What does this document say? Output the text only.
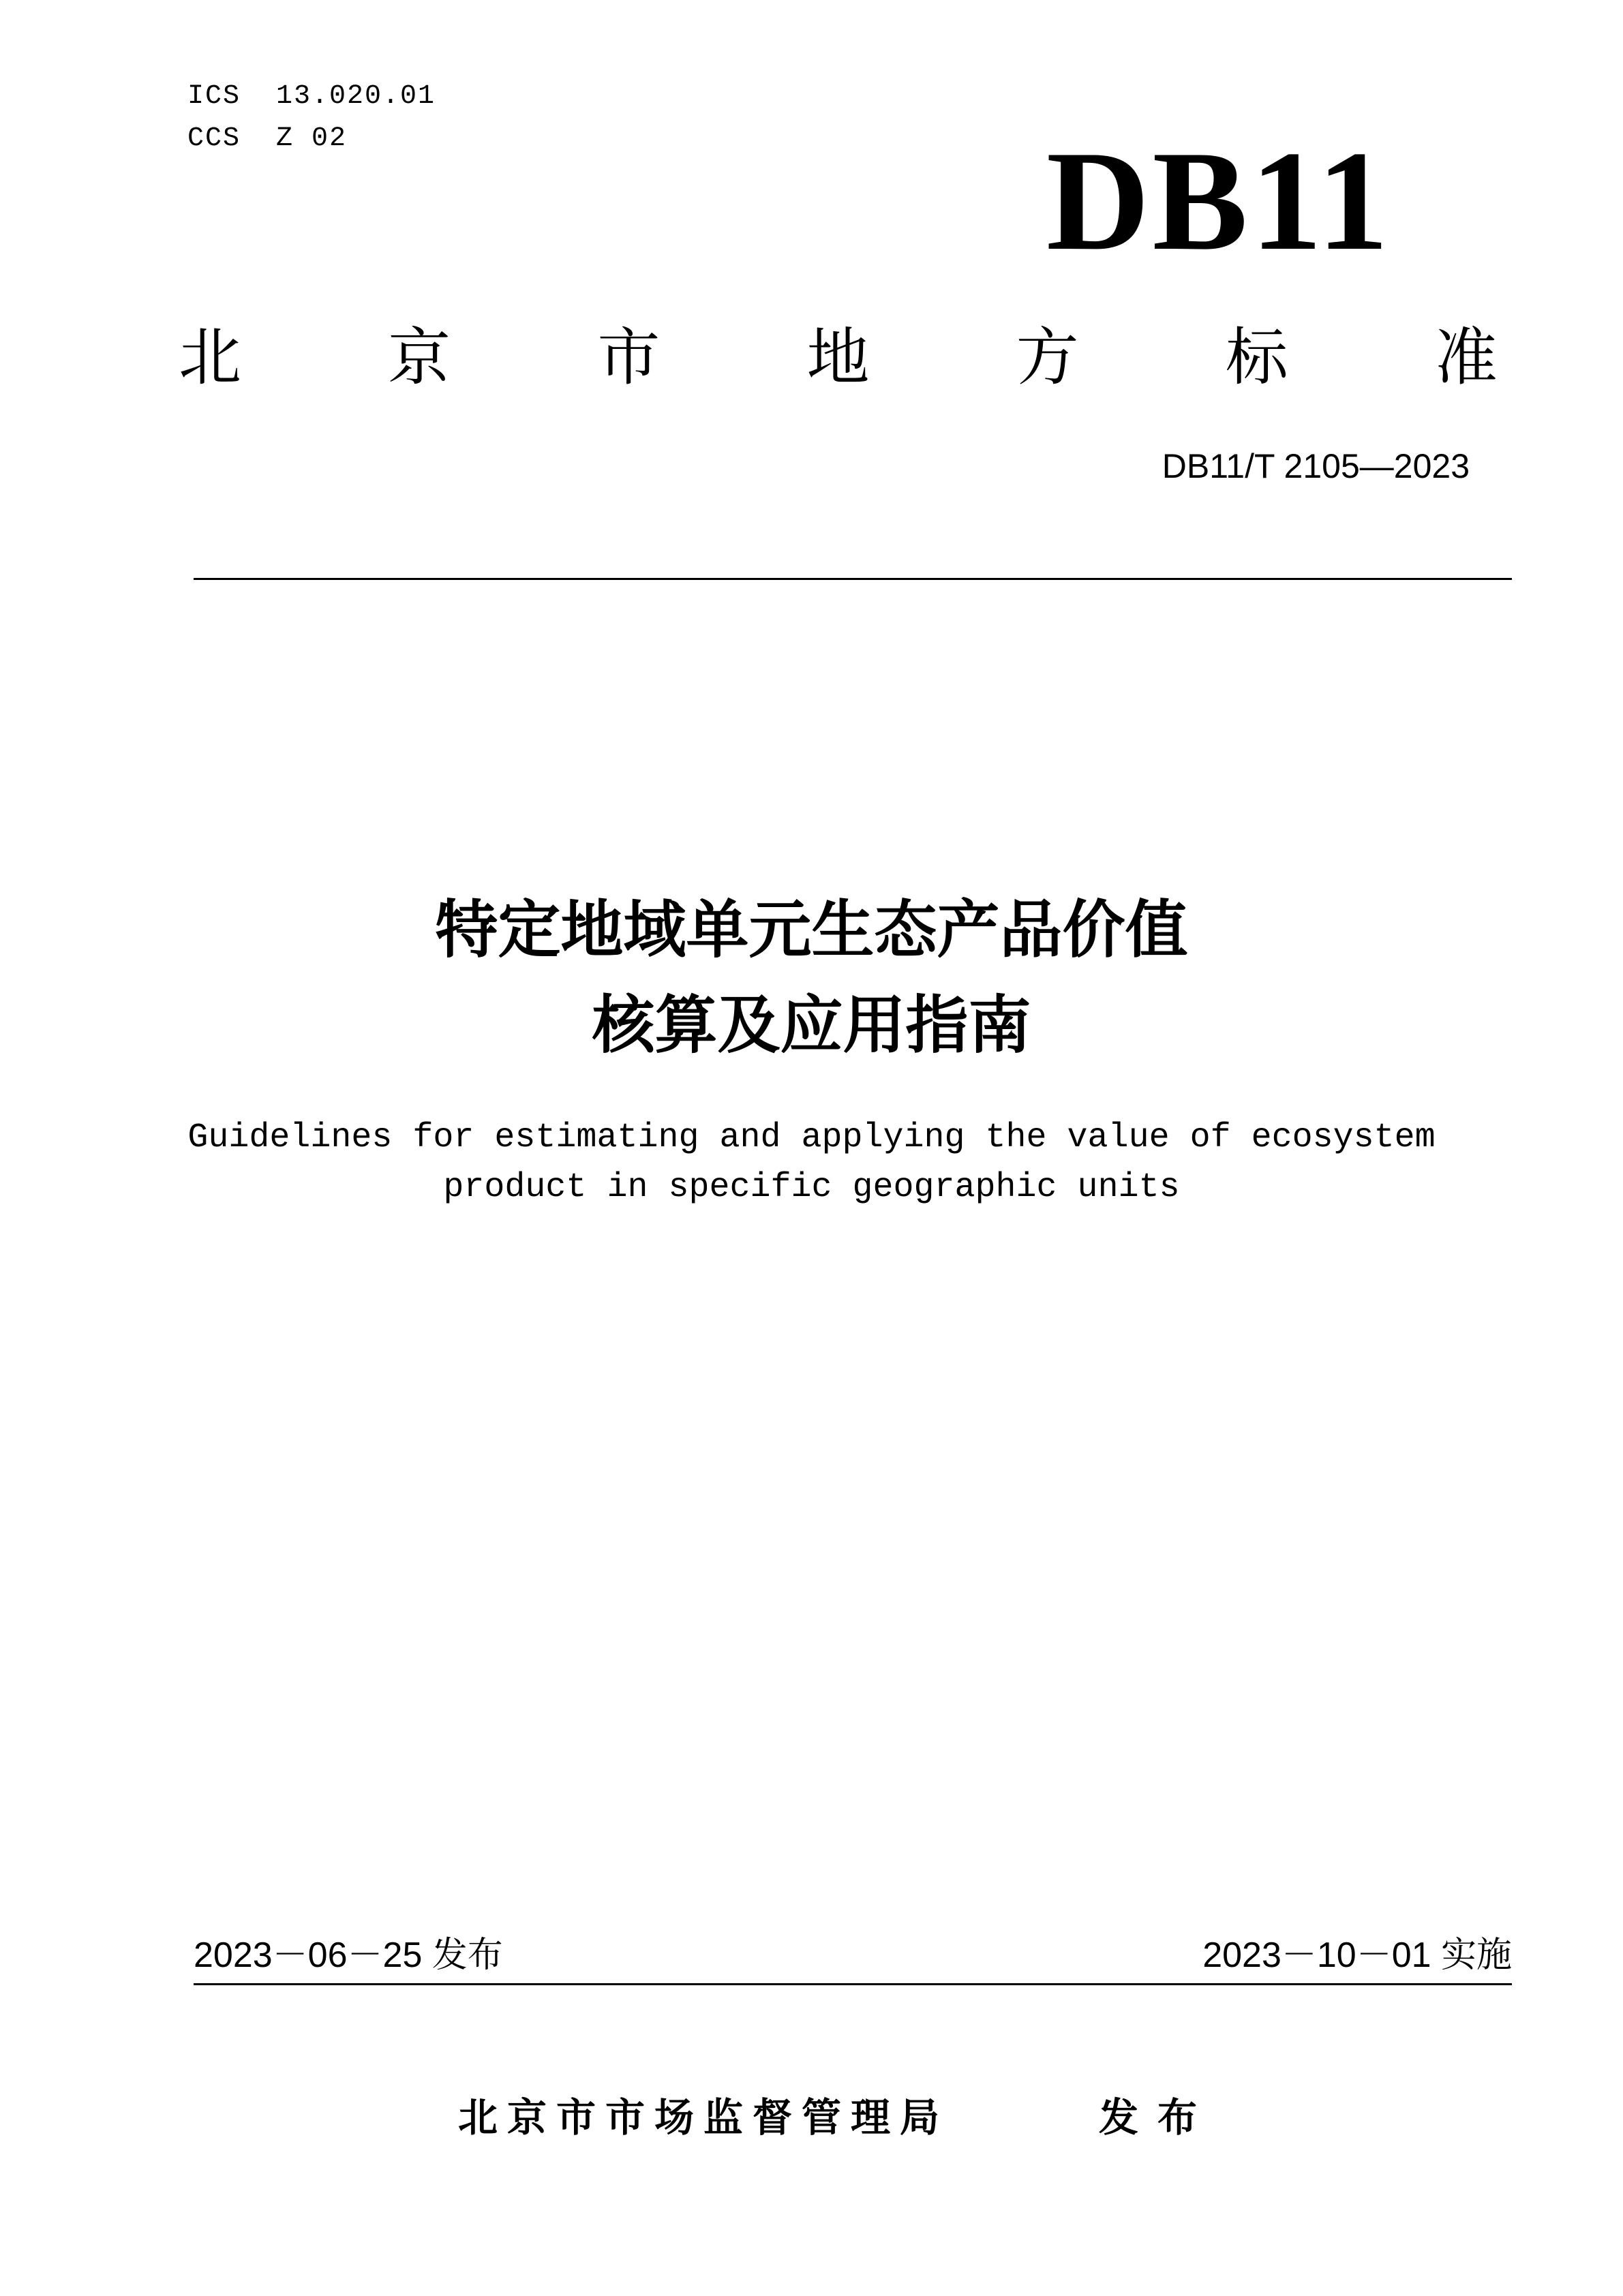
ICS  13.020.01
CCS  Z 02	DB11
北 京 市 地 方 标 准
DB11/T 2105—2023
特定地域单元生态产品价值
核算及应用指南
Guidelines for estimating and applying the value of ecosystem
product in specific geographic units
2023－06－25 发布	2023－10－01 实施
北京市市场监督管理局	发布
